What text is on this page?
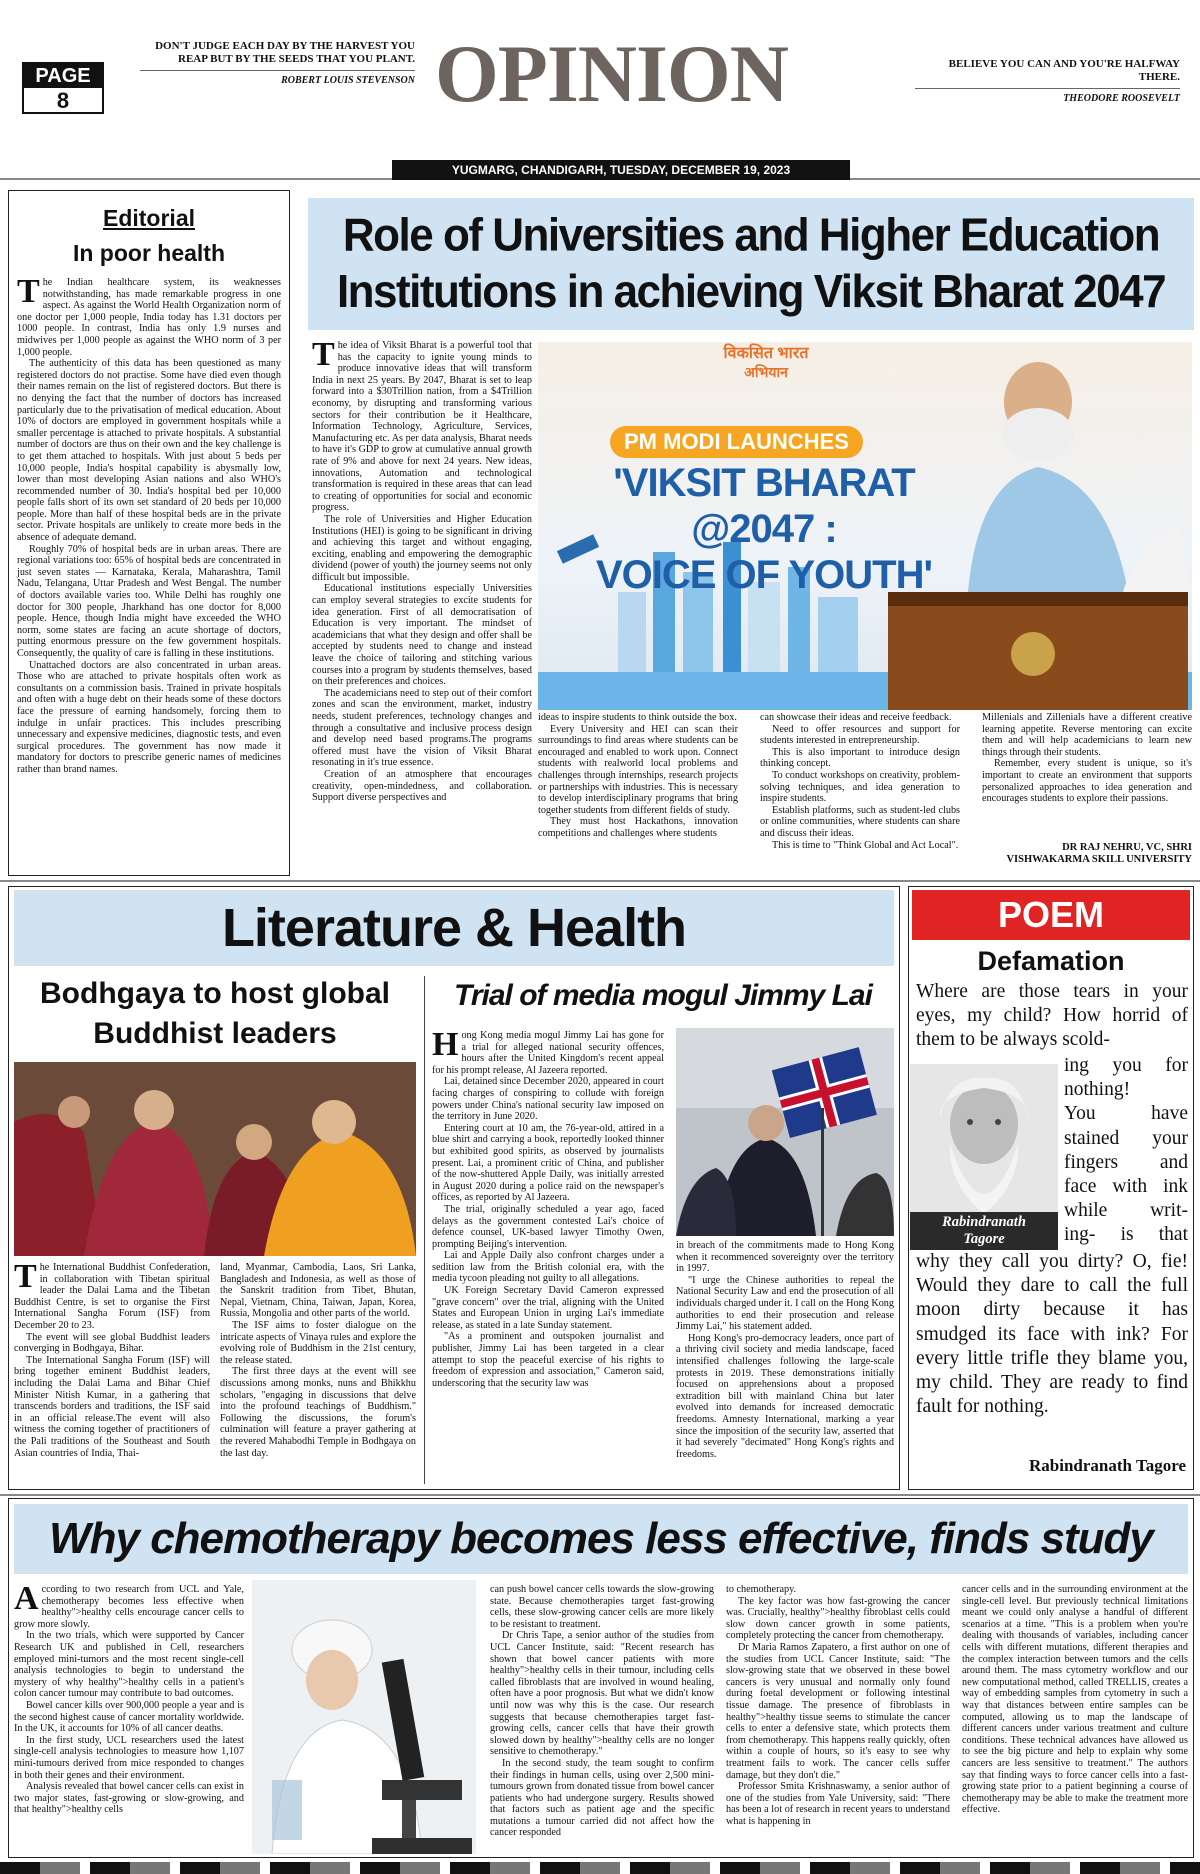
PAGE
8
DON'T JUDGE EACH DAY BY THE HARVEST YOU REAP BUT BY THE SEEDS THAT YOU PLANT.
ROBERT LOUIS STEVENSON OPINION	BELIEVE YOU CAN AND YOU'RE HALFWAY THERE.
THEODORE ROOSEVELT
YUGMARG, CHANDIGARH, TUESDAY, DECEMBER 19, 2023
Editorial
In poor health
T he Indian healthcare system, its weaknesses notwithstanding, has made remarkable progress in one aspect. As against the World Health Organization norm of one doctor per 1,000 people, India today has 1.31 doctors per 1000 people. In contrast, India has only 1.9 nurses and midwives per 1,000 people as against the WHO norm of 3 per 1,000 people.

The authenticity of this data has been questioned as many registered doctors do not practise. Some have died even though their names remain on the list of registered doctors. But there is no denying the fact that the number of doctors has increased particularly due to the privatisation of medical education. About 10% of doctors are employed in government hospitals while a smaller percentage is attached to private hospitals. A substantial number of doctors are thus on their own and the key challenge is to get them attached to hospitals. With just about 5 beds per 10,000 people, India's hospital capability is abysmally low, lower than most developing Asian nations and also WHO's recommended number of 30. India's hospital bed per 10,000 people falls short of its own set standard of 20 beds per 10,000 people. More than half of these hospital beds are in the private sector. Private hospitals are unlikely to create more beds in the absence of adequate demand.

Roughly 70% of hospital beds are in urban areas. There are regional variations too: 65% of hospital beds are concentrated in just seven states — Karnataka, Kerala, Maharashtra, Tamil Nadu, Telangana, Uttar Pradesh and West Bengal. The number of doctors available varies too. While Delhi has roughly one doctor for 300 people, Jharkhand has one doctor for 8,000 people. Hence, though India might have exceeded the WHO norm, some states are facing an acute shortage of doctors, putting enormous pressure on the few government hospitals. Consequently, the quality of care is falling in these institutions.

Unattached doctors are also concentrated in urban areas. Those who are attached to private hospitals often work as consultants on a commission basis. Trained in private hospitals and often with a huge debt on their heads some of these doctors face the pressure of earning handsomely, forcing them to indulge in unfair practices. This includes prescribing unnecessary and expensive medicines, diagnostic tests, and even surgical procedures. The government has now made it mandatory for doctors to prescribe generic names of medicines rather than brand names.

Role of Universities and Higher Education Institutions in achieving Viksit Bharat 2047
T he idea of Viksit Bharat is a powerful tool that has the capacity to ignite young minds to produce innovative ideas that will transform India in next 25 years. By 2047, Bharat is set to leap forward into a $30Trillion nation, from a $4Trillion economy, by disrupting and transforming various sectors for their contribution be it Healthcare, Information Technology, Agriculture, Services, Manufacturing etc. As per data analysis, Bharat needs to have it's GDP to grow at cumulative annual growth rate of 9% and above for next 24 years. New ideas, innovations, Automation and technological transformation is required in these areas that can lead to creating of opportunities for social and economic progress.

The role of Universities and Higher Education Institutions (HEI) is going to be significant in driving and achieving this target and without engaging, exciting, enabling and empowering the demographic dividend (power of youth) the journey seems not only difficult but impossible.

Educational institutions especially Universities can employ several strategies to excite students for idea generation. First of all democratisation of Education is very important. The mindset of academicians that what they design and offer shall be accepted by students need to change and instead leave the choice of tailoring and stitching various courses into a program by students themselves, based on their preferences and choices.

The academicians need to step out of their comfort zones and scan the environment, market, industry needs, student preferences, technology changes and through a consultative and inclusive process design and develop need based programs.The programs offered must have the vision of Viksit Bharat resonating in it's true essence.

Creation of an atmosphere that encourages creativity, open-mindedness, and collaboration. Support diverse perspectives and

विकसित भारत
अभियान
PM MODI LAUNCHES
'VIKSIT BHARAT
@2047 :
VOICE OF YOUTH'

ideas to inspire students to think outside the box.

Every University and HEI can scan their surroundings to find areas where students can be encouraged and enabled to work upon. Connect students with realworld local problems and challenges through internships, research projects or partnerships with industries. This is necessary to develop interdisciplinary programs that bring together students from different fields of study.

They must host Hackathons, innovation competitions and challenges where students

can showcase their ideas and receive feedback.

Need to offer resources and support for students interested in entrepreneurship.

This is also important to introduce design thinking concept.

To conduct workshops on creativity, problem-solving techniques, and idea generation to inspire students.

Establish platforms, such as student-led clubs or online communities, where students can share and discuss their ideas.

This is time to "Think Global and Act Local".

Millenials and Zillenials have a different creative learning appetite. Reverse mentoring can excite them and will help academicians to learn new things through their students.

Remember, every student is unique, so it's important to create an environment that supports personalized approaches to idea generation and encourages students to explore their passions.

DR RAJ NEHRU, VC, SHRI VISHWAKARMA SKILL UNIVERSITY
Literature & Health
Bodhgaya to host global Buddhist leaders
T he International Buddhist Confederation, in collaboration with Tibetan spiritual leader the Dalai Lama and the Tibetan Buddhist Centre, is set to organise the First International Sangha Forum (ISF) from December 20 to 23.

The event will see global Buddhist leaders converging in Bodhgaya, Bihar.

The International Sangha Forum (ISF) will bring together eminent Buddhist leaders, including the Dalai Lama and Bihar Chief Minister Nitish Kumar, in a gathering that transcends borders and traditions, the ISF said in an official release.The event will also witness the coming together of practitioners of the Pali traditions of the Southeast and South Asian countries of India, Thai-

land, Myanmar, Cambodia, Laos, Sri Lanka, Bangladesh and Indonesia, as well as those of the Sanskrit tradition from Tibet, Bhutan, Nepal, Vietnam, China, Taiwan, Japan, Korea, Russia, Mongolia and other parts of the world.

The ISF aims to foster dialogue on the intricate aspects of Vinaya rules and explore the evolving role of Buddhism in the 21st century, the release stated.

The first three days at the event will see discussions among monks, nuns and Bhikkhu scholars, "engaging in discussions that delve into the profound teachings of Buddhism." Following the discussions, the forum's culmination will feature a prayer gathering at the revered Mahabodhi Temple in Bodhgaya on the last day.

Trial of media mogul Jimmy Lai
H ong Kong media mogul Jimmy Lai has gone for a trial for alleged national security offences, hours after the United Kingdom's recent appeal for his prompt release, Al Jazeera reported.

Lai, detained since December 2020, appeared in court facing charges of conspiring to collude with foreign powers under China's national security law imposed on the territory in June 2020.

Entering court at 10 am, the 76-year-old, attired in a blue shirt and carrying a book, reportedly looked thinner but exhibited good spirits, as observed by journalists present. Lai, a prominent critic of China, and publisher of the now-shuttered Apple Daily, was initially arrested in August 2020 during a police raid on the newspaper's offices, as reported by Al Jazeera.

The trial, originally scheduled a year ago, faced delays as the government contested Lai's choice of defence counsel, UK-based lawyer Timothy Owen, prompting Beijing's intervention.

Lai and Apple Daily also confront charges under a sedition law from the British colonial era, with the media tycoon pleading not guilty to all allegations.

UK Foreign Secretary David Cameron expressed "grave concern" over the trial, aligning with the United States and European Union in urging Lai's immediate release, as stated in a late Sunday statement.

"As a prominent and outspoken journalist and publisher, Jimmy Lai has been targeted in a clear attempt to stop the peaceful exercise of his rights to freedom of expression and association," Cameron said, underscoring that the security law was

in breach of the commitments made to Hong Kong when it recommenced sovereignty over the territory in 1997.

"I urge the Chinese authorities to repeal the National Security Law and end the prosecution of all individuals charged under it. I call on the Hong Kong authorities to end their prosecution and release Jimmy Lai," his statement added.

Hong Kong's pro-democracy leaders, once part of a thriving civil society and media landscape, faced intensified challenges following the large-scale protests in 2019. These demonstrations initially focused on apprehensions about a proposed extradition bill with mainland China but later evolved into demands for increased democratic freedoms. Amnesty International, marking a year since the imposition of the security law, asserted that it had severely "decimated" Hong Kong's rights and freedoms.

POEM
Defamation
Where are those tears in your eyes, my child? How horrid of them to be always scold-
Rabindranath Tagore
ing you for
nothing!
You have
stained your
fingers and
face with ink
while writ-
ing- is that
why they call you dirty? O, fie! Would they dare to call the full moon dirty because it has smudged its face with ink? For every little trifle they blame you, my child. They are ready to find fault for nothing.
Rabindranath Tagore
Why chemotherapy becomes less effective, finds study
A ccording to two research from UCL and Yale, chemotherapy becomes less effective when healthy">healthy cells encourage cancer cells to grow more slowly.

In the two trials, which were supported by Cancer Research UK and published in Cell, researchers employed mini-tumors and the most recent single-cell analysis technologies to begin to understand the mystery of why healthy">healthy cells in a patient's colon cancer tumour may contribute to bad outcomes.

Bowel cancer kills over 900,000 people a year and is the second highest cause of cancer mortality worldwide. In the UK, it accounts for 10% of all cancer deaths.

In the first study, UCL researchers used the latest single-cell analysis technologies to measure how 1,107 mini-tumours derived from mice responded to changes in both their genes and their environment.

Analysis revealed that bowel cancer cells can exist in two major states, fast-growing or slow-growing, and that healthy">healthy cells

can push bowel cancer cells towards the slow-growing state. Because chemotherapies target fast-growing cells, these slow-growing cancer cells are more likely to be resistant to treatment.

Dr Chris Tape, a senior author of the studies from UCL Cancer Institute, said: "Recent research has shown that bowel cancer patients with more healthy">healthy cells in their tumour, including cells called fibroblasts that are involved in wound healing, often have a poor prognosis. But what we didn't know until now was why this is the case. Our research suggests that because chemotherapies target fast-growing cells, cancer cells that have their growth slowed down by healthy">healthy cells are no longer sensitive to chemotherapy."

In the second study, the team sought to confirm their findings in human cells, using over 2,500 mini-tumours grown from donated tissue from bowel cancer patients who had undergone surgery. Results showed that factors such as patient age and the specific mutations a tumour carried did not affect how the cancer responded

to chemotherapy.

The key factor was how fast-growing the cancer was. Crucially, healthy">healthy fibroblast cells could slow down cancer growth in some patients, completely protecting the cancer from chemotherapy.

Dr Maria Ramos Zapatero, a first author on one of the studies from UCL Cancer Institute, said: "The slow-growing state that we observed in these bowel cancers is very unusual and normally only found during foetal development or following intestinal tissue damage. The presence of fibroblasts in healthy">healthy tissue seems to stimulate the cancer cells to enter a defensive state, which protects them from chemotherapy. This happens really quickly, often within a couple of hours, so it's easy to see why treatment fails to work. The cancer cells suffer damage, but they don't die."

Professor Smita Krishnaswamy, a senior author of one of the studies from Yale University, said: "There has been a lot of research in recent years to understand what is happening in

cancer cells and in the surrounding environment at the single-cell level. But previously technical limitations meant we could only analyse a handful of different scenarios at a time. "This is a problem when you're dealing with thousands of variables, including cancer cells with different mutations, different therapies and the complex interaction between tumors and the cells around them. The mass cytometry workflow and our new computational method, called TRELLIS, creates a way of embedding samples from cytometry in such a way that distances between entire samples can be computed, allowing us to map the landscape of different cancers under various treatment and culture conditions. These technical advances have allowed us to see the big picture and help to explain why some cancers are less sensitive to treatment." The authors say that finding ways to force cancer cells into a fast-growing state prior to a patient beginning a course of chemotherapy may be able to make the treatment more effective.
